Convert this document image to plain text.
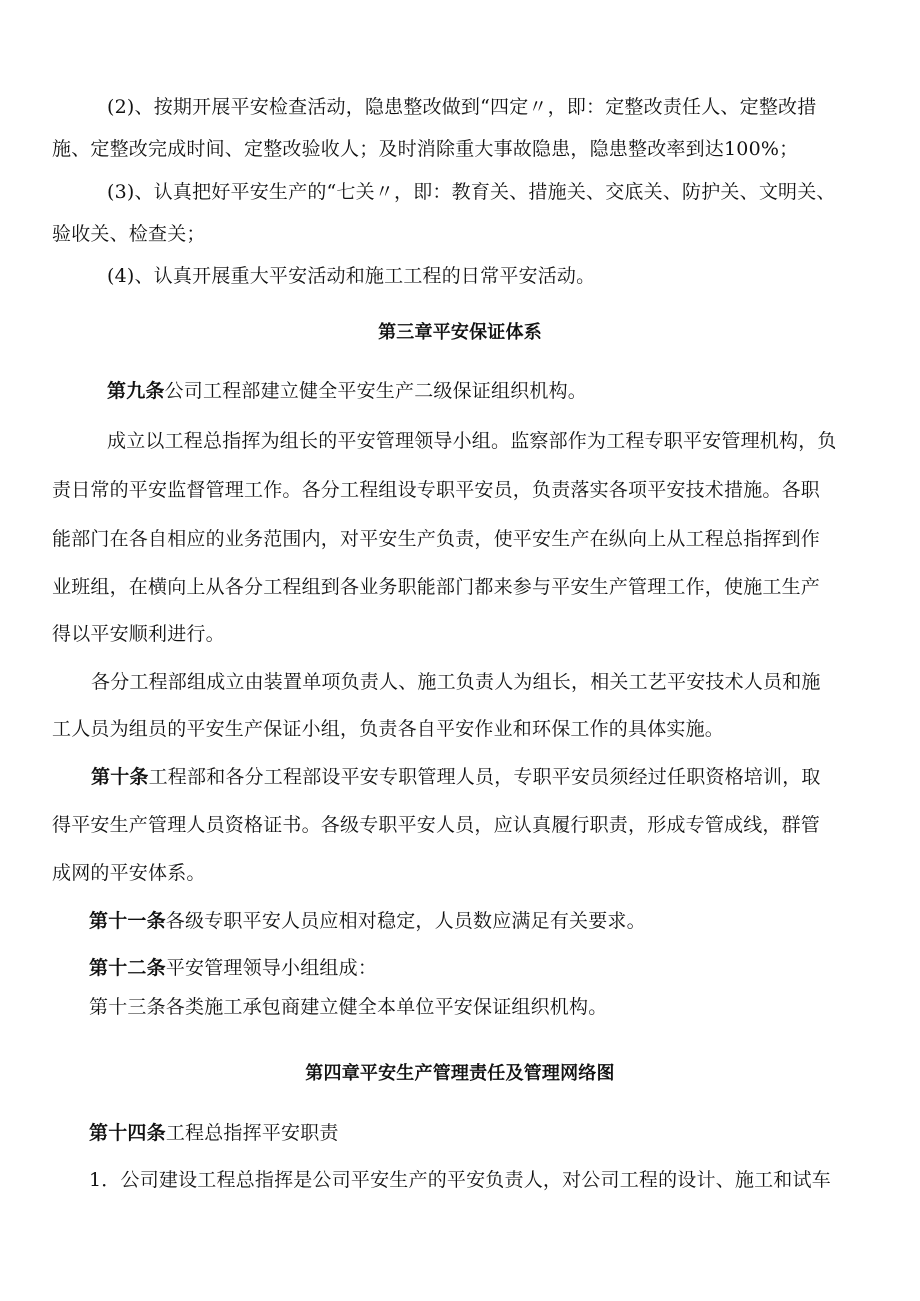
(2)、按期开展平安检查活动，隐患整改做到“四定〃，即：定整改责任人、定整改措
施、定整改完成时间、定整改验收人；及时消除重大事故隐患，隐患整改率到达100%；
(3)、认真把好平安生产的“七关〃，即：教育关、措施关、交底关、防护关、文明关、
验收关、检查关；
(4)、认真开展重大平安活动和施工工程的日常平安活动。
第三章平安保证体系
第九条公司工程部建立健全平安生产二级保证组织机构。
成立以工程总指挥为组长的平安管理领导小组。监察部作为工程专职平安管理机构，负
责日常的平安监督管理工作。各分工程组设专职平安员，负责落实各项平安技术措施。各职
能部门在各自相应的业务范围内，对平安生产负责，使平安生产在纵向上从工程总指挥到作
业班组，在横向上从各分工程组到各业务职能部门都来参与平安生产管理工作，使施工生产
得以平安顺利进行。
各分工程部组成立由装置单项负责人、施工负责人为组长，相关工艺平安技术人员和施
工人员为组员的平安生产保证小组，负责各自平安作业和环保工作的具体实施。
第十条工程部和各分工程部设平安专职管理人员，专职平安员须经过任职资格培训，取
得平安生产管理人员资格证书。各级专职平安人员，应认真履行职责，形成专管成线，群管
成网的平安体系。
第十一条各级专职平安人员应相对稳定，人员数应满足有关要求。
第十二条平安管理领导小组组成：
第十三条各类施工承包商建立健全本单位平安保证组织机构。
第四章平安生产管理责任及管理网络图
第十四条工程总指挥平安职责
1．公司建设工程总指挥是公司平安生产的平安负责人，对公司工程的设计、施工和试车
